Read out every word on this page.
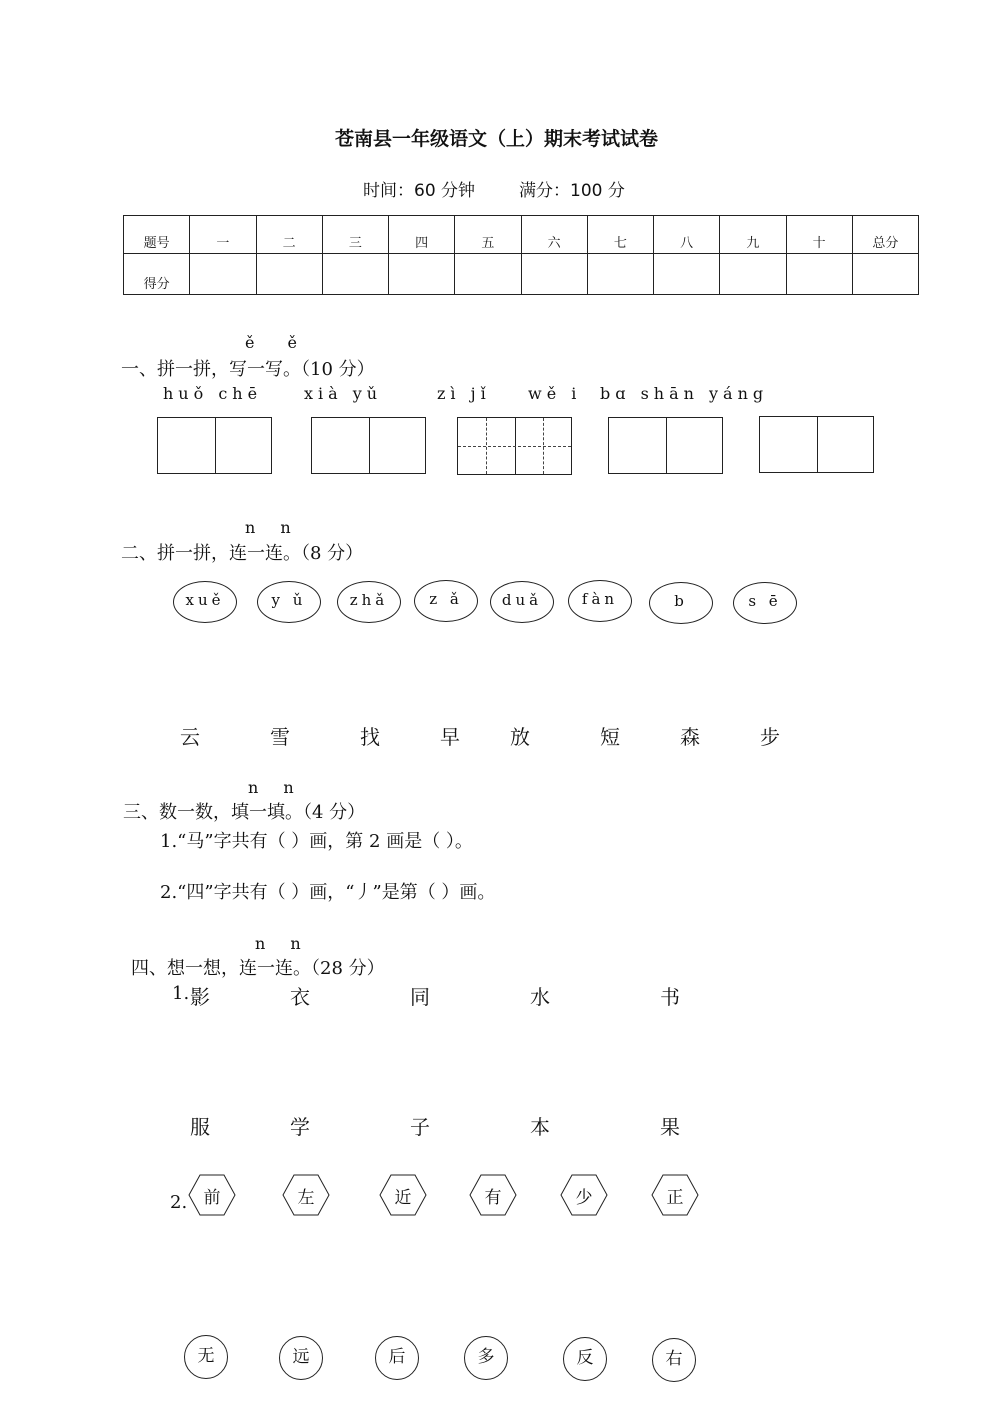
苍南县一年级语文（上）期末考试试卷
时间：60 分钟	满分：100 分
题号	一	二	三	四	五	六	七	八	九	十	总分
得分											
ě ě
一、拼一拼，写一写。（10 分）
huǒ chē	xià yǔ	zì jǐ wě i bɑ shān yáng
n n
二、拼一拼，连一连。（8 分）
xuě	y ǔ	zhǎ	z ǎ	duǎ	fàn	b	s ē
云	雪	找	早	放	短	森	步
n n
三、数一数，填一填。（4 分）
1.“马”字共有（ ）画，第 2 画是（ ）。
2.“四”字共有（ ）画，“丿”是第（ ）画。
n n
四、想一想，连一连。（28 分）
1. 影	衣	同	水	书
服	学	子	本	果
2. 前	左	近	有	少	正
无	远	后	多	反	右
